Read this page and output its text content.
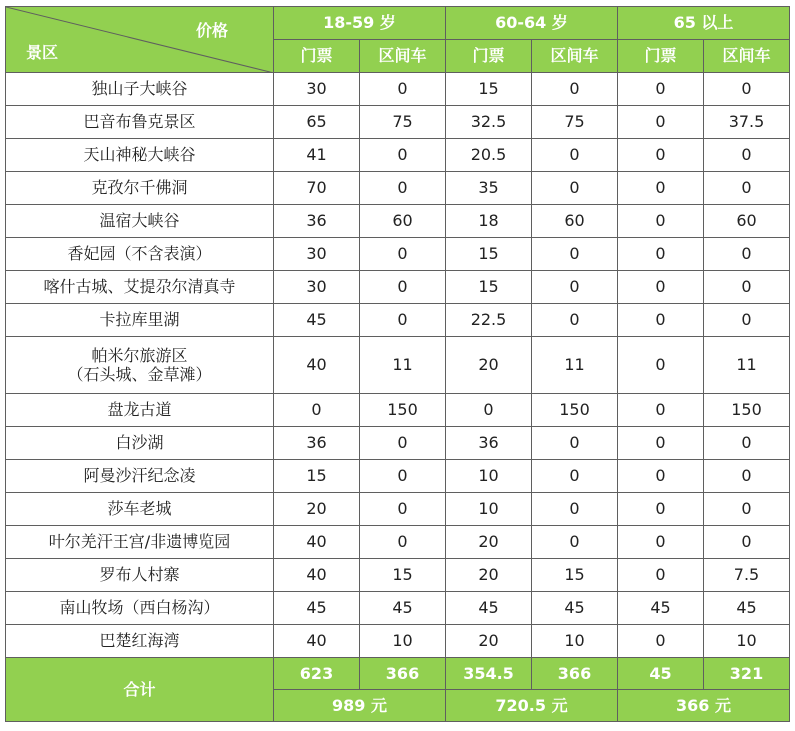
景区
价格	18-59 岁		60-64 岁		65 以上	
	门票	区间车	门票	区间车	门票	区间车

独山子大峡谷	30	0	15	0	0	0

巴音布鲁克景区	65	75	32.5	75	0	37.5

天山神秘大峡谷	41	0	20.5	0	0	0

克孜尔千佛洞	70	0	35	0	0	0

温宿大峡谷	36	60	18	60	0	60

香妃园（不含表演）	30	0	15	0	0	0

喀什古城、艾提尕尔清真寺	30	0	15	0	0	0

卡拉库里湖	45	0	22.5	0	0	0

帕米尔旅游区
（石头城、金草滩）	40	11	20	11	0	11

盘龙古道	0	150	0	150	0	150

白沙湖	36	0	36	0	0	0

阿曼沙汗纪念凌	15	0	10	0	0	0

莎车老城	20	0	10	0	0	0

叶尔羌汗王宫/非遗博览园	40	0	20	0	0	0

罗布人村寨	40	15	20	15	0	7.5

南山牧场（西白杨沟）	45	45	45	45	45	45

巴楚红海湾	40	10	20	10	0	10
合计	623	366	354.5	366	45	321
	989 元		720.5 元		366 元	
